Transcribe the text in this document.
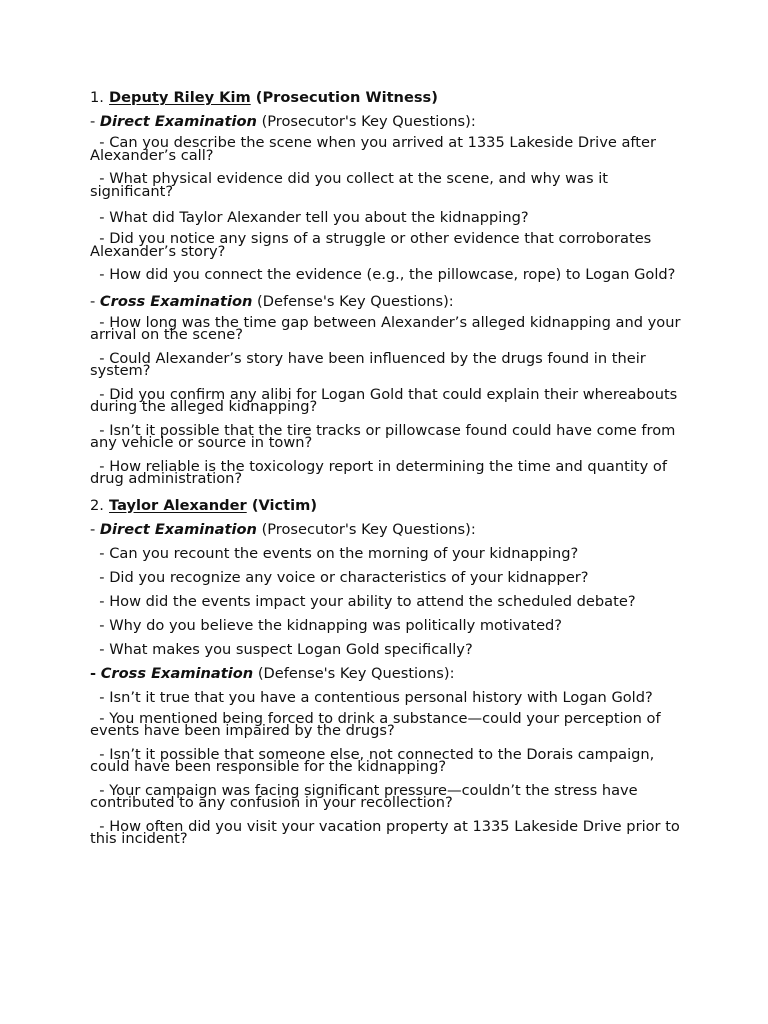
1. Deputy Riley Kim (Prosecution Witness)
- Direct Examination (Prosecutor's Key Questions):
- Can you describe the scene when you arrived at 1335 Lakeside Drive after Alexander’s call?
- What physical evidence did you collect at the scene, and why was it significant?
- What did Taylor Alexander tell you about the kidnapping?
- Did you notice any signs of a struggle or other evidence that corroborates Alexander’s story?
- How did you connect the evidence (e.g., the pillowcase, rope) to Logan Gold?
- Cross Examination (Defense's Key Questions):
- How long was the time gap between Alexander’s alleged kidnapping and your arrival on the scene?
- Could Alexander’s story have been influenced by the drugs found in their system?
- Did you confirm any alibi for Logan Gold that could explain their whereabouts during the alleged kidnapping?
- Isn’t it possible that the tire tracks or pillowcase found could have come from any vehicle or source in town?
- How reliable is the toxicology report in determining the time and quantity of drug administration?
2. Taylor Alexander (Victim)
- Direct Examination (Prosecutor's Key Questions):
- Can you recount the events on the morning of your kidnapping?
- Did you recognize any voice or characteristics of your kidnapper?
- How did the events impact your ability to attend the scheduled debate?
- Why do you believe the kidnapping was politically motivated?
- What makes you suspect Logan Gold specifically?
- Cross Examination (Defense's Key Questions):
- Isn’t it true that you have a contentious personal history with Logan Gold?
- You mentioned being forced to drink a substance—could your perception of events have been impaired by the drugs?
- Isn’t it possible that someone else, not connected to the Dorais campaign, could have been responsible for the kidnapping?
- Your campaign was facing significant pressure—couldn’t the stress have contributed to any confusion in your recollection?
- How often did you visit your vacation property at 1335 Lakeside Drive prior to this incident?
